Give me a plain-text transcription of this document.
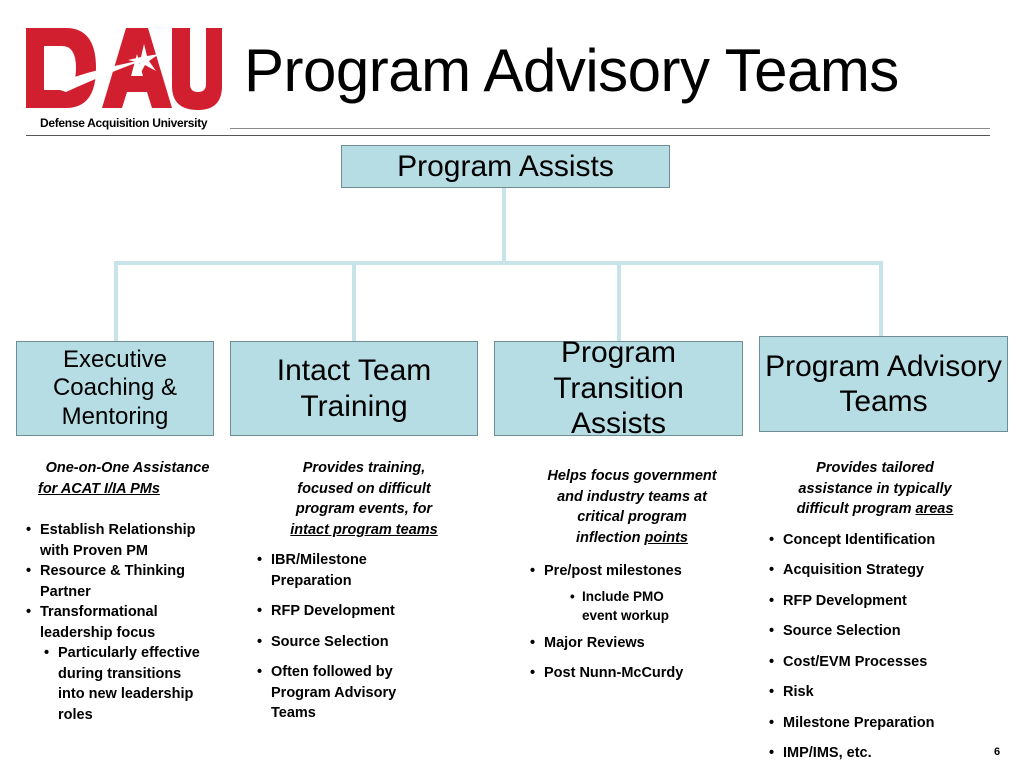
Defense Acquisition University
Program Advisory Teams
Program Assists
Executive
Coaching &
Mentoring
Intact Team
Training
Program Transition
Assists
Program Advisory
Teams
One-on-One Assistance
for ACAT I/IA PMs
• Establish Relationship
with Proven PM
• Resource & Thinking
Partner
• Transformational
leadership focus
• Particularly effective
during transitions
into new leadership
roles
Provides training,
focused on difficult
program events, for
intact program teams
• IBR/Milestone
Preparation
• RFP Development
• Source Selection
• Often followed by
Program Advisory
Teams
Helps focus government
and industry teams at
critical program
inflection points
• Pre/post milestones
• Include PMO
event workup
• Major Reviews
• Post Nunn-McCurdy
Provides tailored
assistance in typically
difficult program areas
• Concept Identification
• Acquisition Strategy
• RFP Development
• Source Selection
• Cost/EVM Processes
• Risk
• Milestone Preparation
• IMP/IMS, etc.	6
